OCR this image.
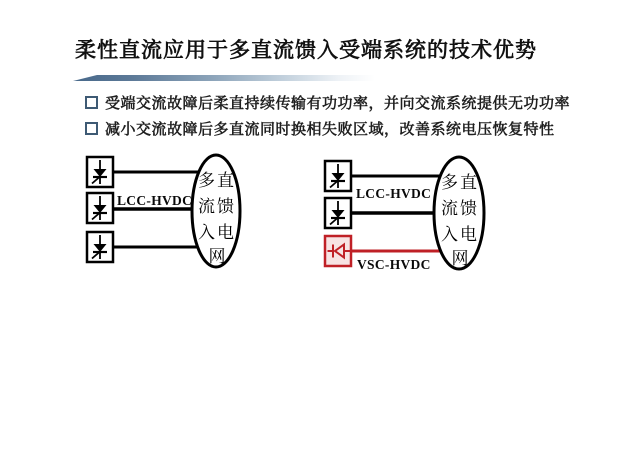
柔性直流应用于多直流馈入受端系统的技术优势
受端交流故障后柔直持续传输有功功率，并向交流系统提供无功功率
减小交流故障后多直流同时换相失败区域，改善系统电压恢复特性
LCC-HVDC
多直
流馈
入电
网
LCC-HVDC
VSC-HVDC
多直
流馈
入电
网
